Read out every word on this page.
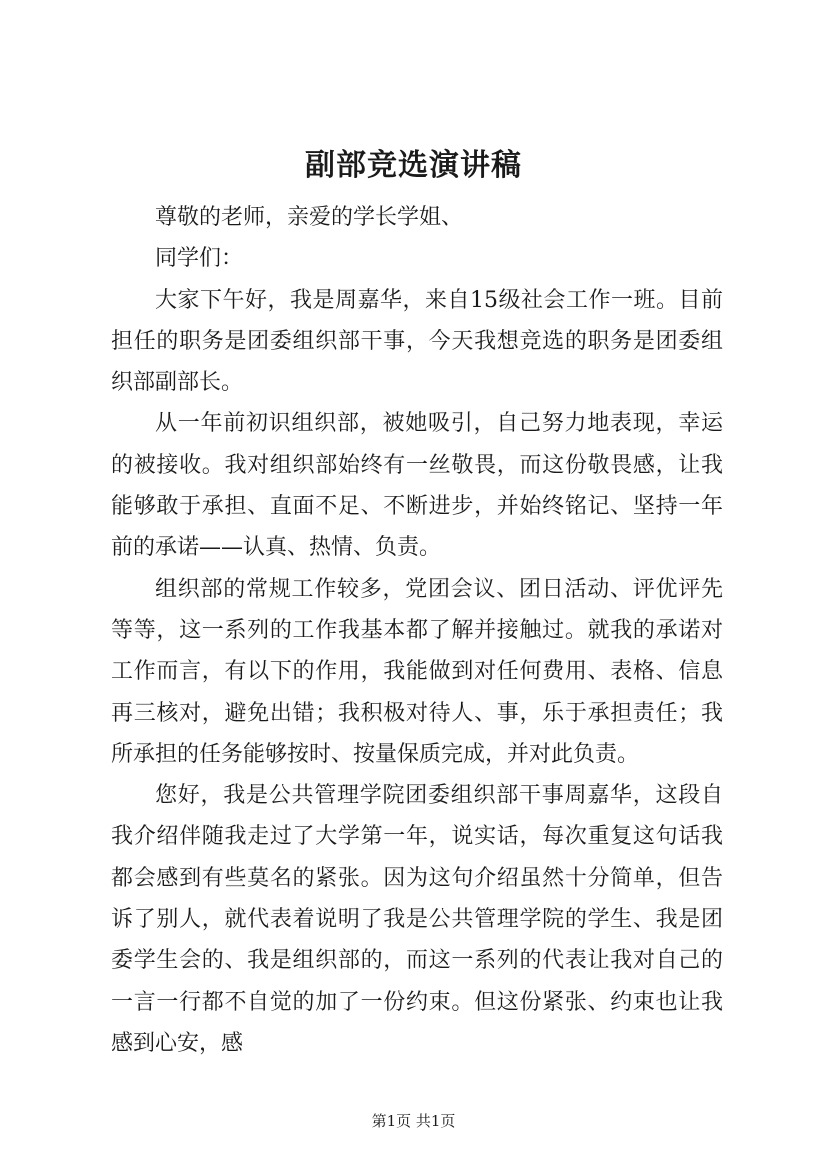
副部竞选演讲稿

尊敬的老师，亲爱的学长学姐、

同学们：

大家下午好，我是周嘉华，来自15级社会工作一班。目前担任的职务是团委组织部干事，今天我想竞选的职务是团委组织部副部长。

从一年前初识组织部，被她吸引，自己努力地表现，幸运的被接收。我对组织部始终有一丝敬畏，而这份敬畏感，让我能够敢于承担、直面不足、不断进步，并始终铭记、坚持一年前的承诺——认真、热情、负责。

组织部的常规工作较多，党团会议、团日活动、评优评先等等，这一系列的工作我基本都了解并接触过。就我的承诺对工作而言，有以下的作用，我能做到对任何费用、表格、信息再三核对，避免出错；我积极对待人、事，乐于承担责任；我所承担的任务能够按时、按量保质完成，并对此负责。

您好，我是公共管理学院团委组织部干事周嘉华，这段自我介绍伴随我走过了大学第一年，说实话，每次重复这句话我都会感到有些莫名的紧张。因为这句介绍虽然十分简单，但告诉了别人，就代表着说明了我是公共管理学院的学生、我是团委学生会的、我是组织部的，而这一系列的代表让我对自己的一言一行都不自觉的加了一份约束。但这份紧张、约束也让我感到心安，感

第1页 共1页
